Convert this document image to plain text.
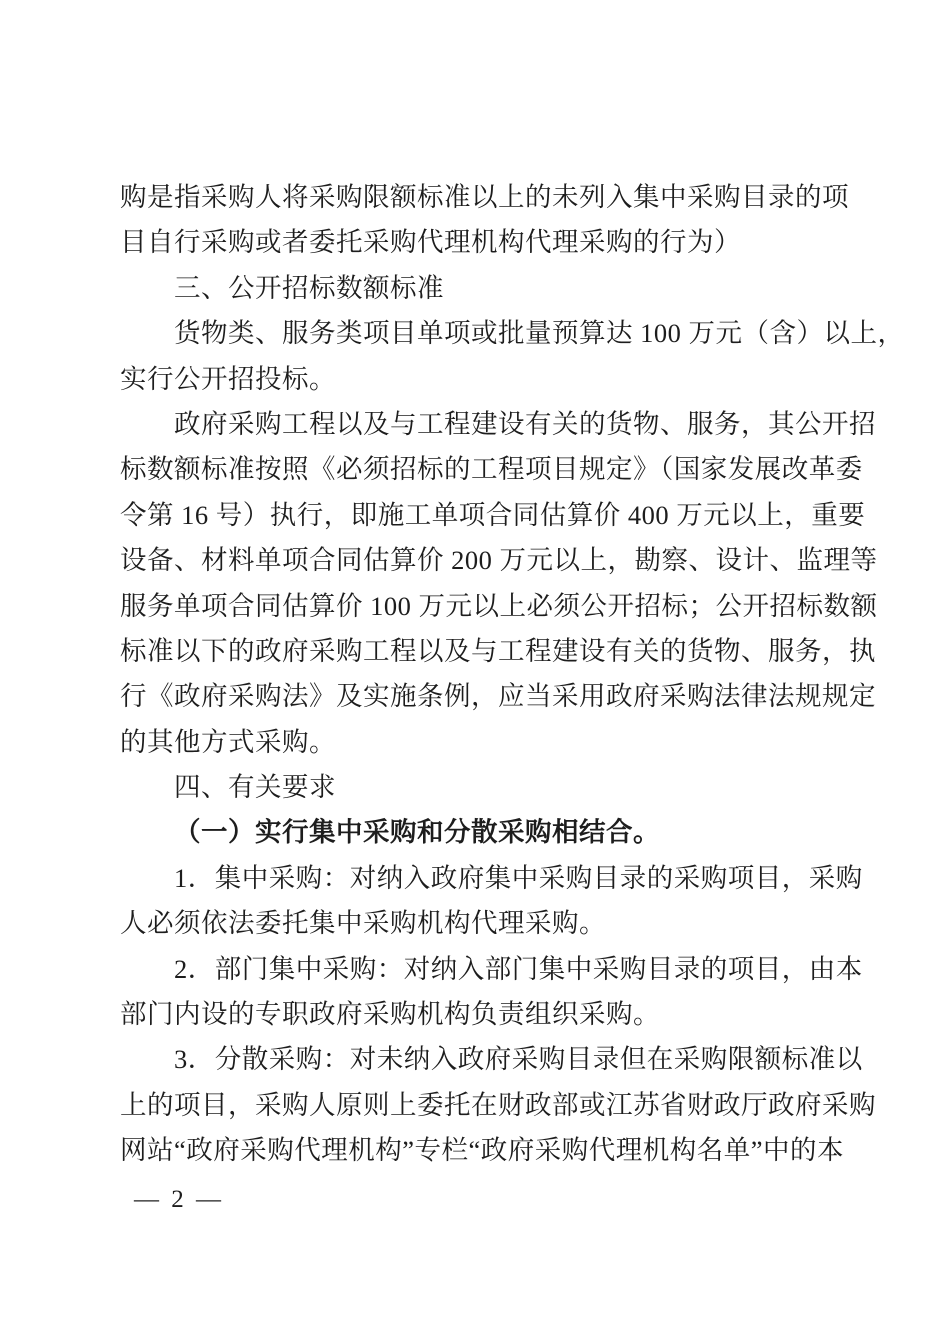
购是指采购人将采购限额标准以上的未列入集中采购目录的项
目自行采购或者委托采购代理机构代理采购的行为）
三、公开招标数额标准
货物类、服务类项目单项或批量预算达 100 万元（含）以上，
实行公开招投标。
政府采购工程以及与工程建设有关的货物、服务，其公开招
标数额标准按照《必须招标的工程项目规定》（国家发展改革委
令第 16 号）执行，即施工单项合同估算价 400 万元以上，重要
设备、材料单项合同估算价 200 万元以上，勘察、设计、监理等
服务单项合同估算价 100 万元以上必须公开招标；公开招标数额
标准以下的政府采购工程以及与工程建设有关的货物、服务，执
行《政府采购法》及实施条例，应当采用政府采购法律法规规定
的其他方式采购。
四、有关要求
（一）实行集中采购和分散采购相结合。
1．集中采购：对纳入政府集中采购目录的采购项目，采购
人必须依法委托集中采购机构代理采购。
2．部门集中采购：对纳入部门集中采购目录的项目，由本
部门内设的专职政府采购机构负责组织采购。
3．分散采购：对未纳入政府采购目录但在采购限额标准以
上的项目，采购人原则上委托在财政部或江苏省财政厅政府采购
网站“政府采购代理机构”专栏“政府采购代理机构名单”中的本
— 2 —
